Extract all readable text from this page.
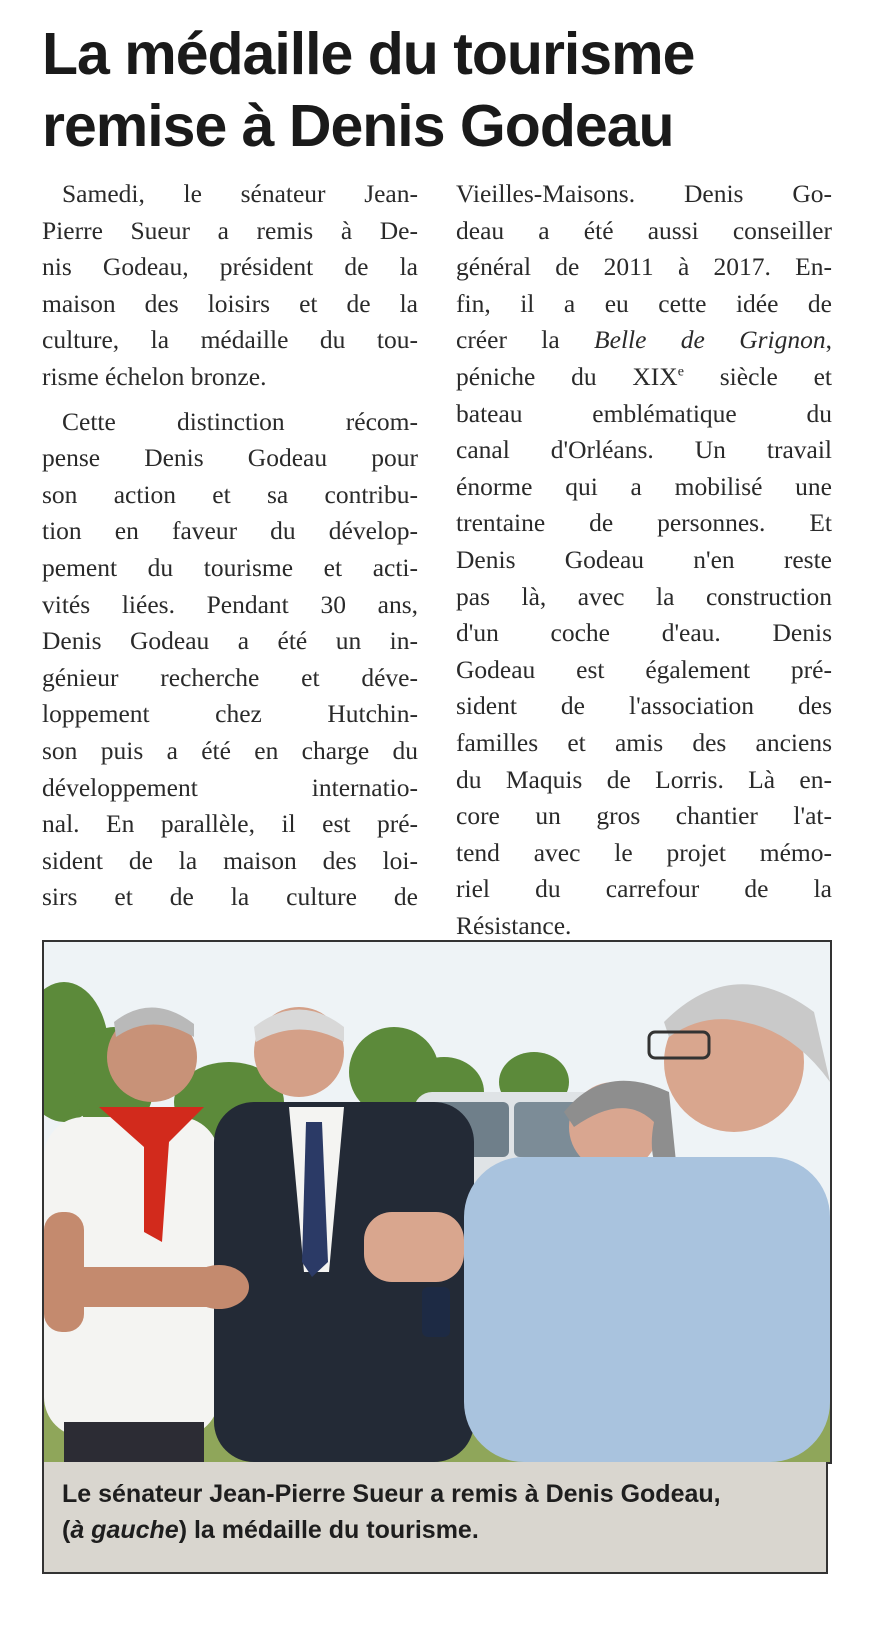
La médaille du tourisme
remise à Denis Godeau
Samedi, le sénateur Jean-
Pierre Sueur a remis à De-
nis Godeau, président de la
maison des loisirs et de la
culture, la médaille du tou-
risme échelon bronze.
Cette distinction récom-
pense Denis Godeau pour
son action et sa contribu-
tion en faveur du dévelop-
pement du tourisme et acti-
vités liées. Pendant 30 ans,
Denis Godeau a été un in-
génieur recherche et déve-
loppement chez Hutchin-
son puis a été en charge du
développement internatio-
nal. En parallèle, il est pré-
sident de la maison des loi-
sirs et de la culture de
Vieilles-Maisons. Denis Go-
deau a été aussi conseiller
général de 2011 à 2017. En-
fin, il a eu cette idée de
créer la Belle de Grignon,
péniche du XIXe siècle et
bateau emblématique du
canal d'Orléans. Un travail
énorme qui a mobilisé une
trentaine de personnes. Et
Denis Godeau n'en reste
pas là, avec la construction
d'un coche d'eau. Denis
Godeau est également pré-
sident de l'association des
familles et amis des anciens
du Maquis de Lorris. Là en-
core un gros chantier l'at-
tend avec le projet mémo-
riel du carrefour de la
Résistance.
Le sénateur Jean-Pierre Sueur a remis à Denis Godeau,
(à gauche) la médaille du tourisme.
